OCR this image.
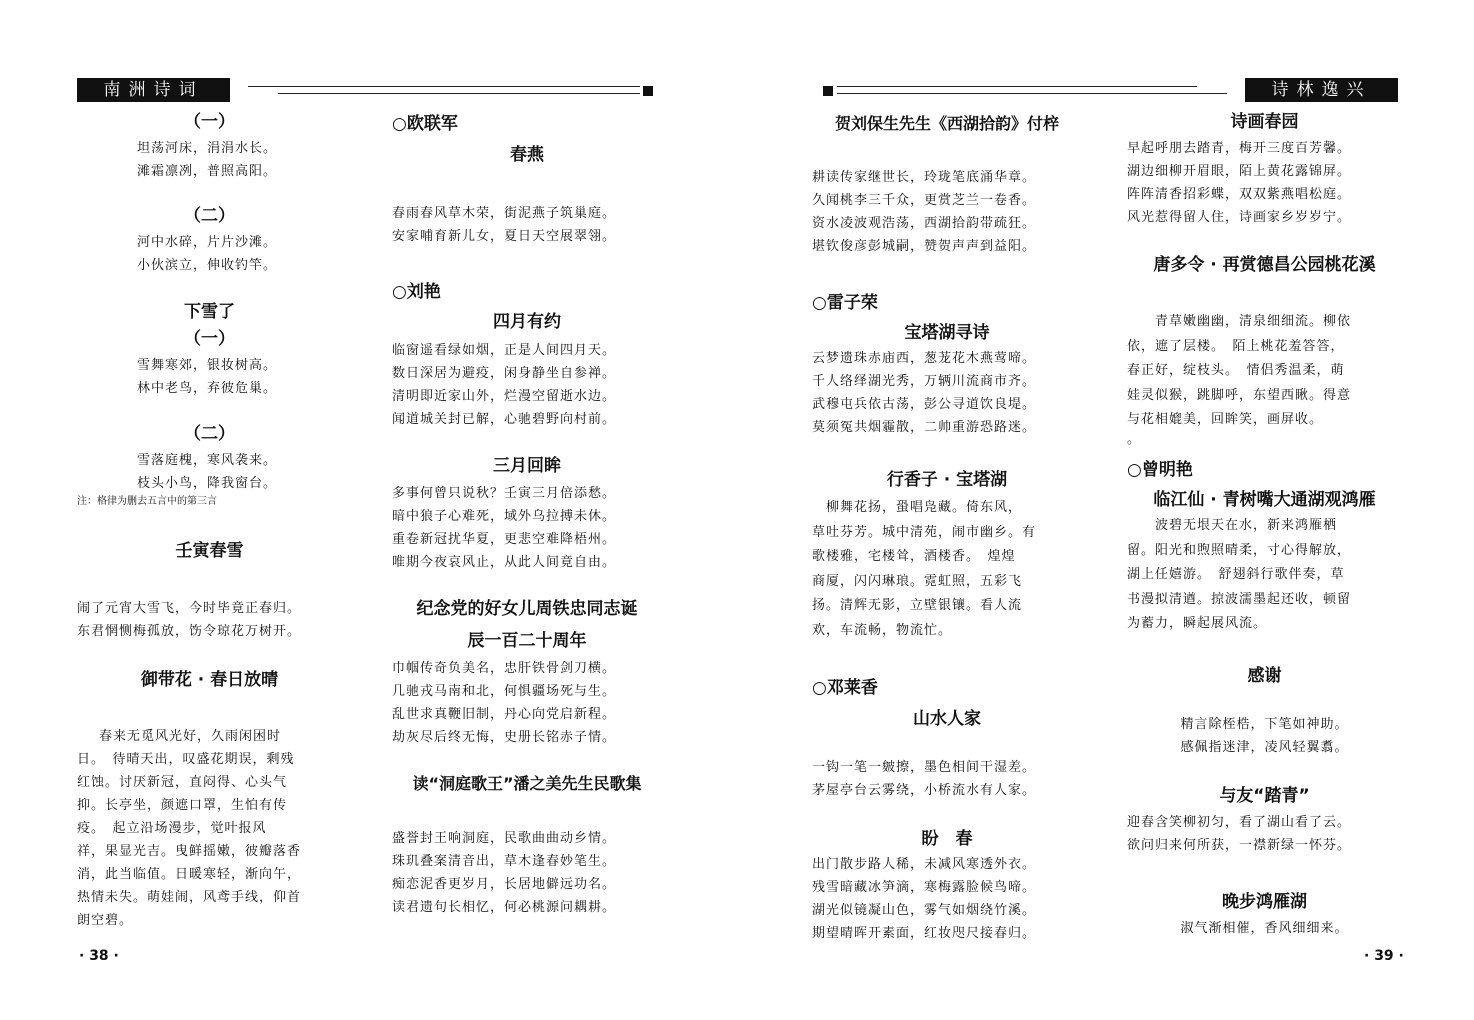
南洲诗词
（一）
坦荡河床，涓涓水长。
滩霜凛冽，普照高阳。
（二）
河中水碎，片片沙滩。
小伙滨立，伸收钓竿。
下雪了
（一）
雪舞寒郊，银妆树高。
林中老鸟，弃彼危巢。
（二）
雪落庭槐，寒风袭来。
枝头小鸟，降我窗台。
注：格律为删去五言中的第三言
壬寅春雪
闹了元宵大雪飞，今时毕竟正春归。
东君惘恻梅孤放，饬令琼花万树开。
御带花 · 春日放晴
春来无觅风光好，久雨闲困时
日。　待晴天出，叹盛花期误，剩残
红蚀。讨厌新冠，直闷得、心头气
抑。长亭坐，颜遮口罩，生怕有传
疫。　起立沿场漫步，觉叶报风
祥，果显光吉。曳鲜摇嫩，彼瓣落香
消，此当临值。日暖寒轻，渐向午，
热情未失。萌娃闹，风鸢手线，仰首
朗空碧。
○欧联军
春燕
春雨春风草木荣，街泥燕子筑巢庭。
安家哺育新儿女，夏日天空展翠翎。
○刘艳
四月有约
临窗遥看绿如烟，正是人间四月天。
数日深居为避疫，闲身静坐自参禅。
清明即近家山外，烂漫空留逝水边。
闻道城关封已解，心驰碧野向村前。
三月回眸
多事何曾只说秋？壬寅三月倍添愁。
暗中狼子心难死，域外乌拉搏未休。
重卷新冠扰华夏，更悲空难降梧州。
唯期今夜哀风止，从此人间竟自由。
纪念党的好女儿周铁忠同志诞
辰一百二十周年
巾帼传奇负美名，忠肝铁骨剑刀横。
几驰戎马南和北，何惧疆场死与生。
乱世求真鞭旧制，丹心向党启新程。
劫灰尽后终无悔，史册长铭赤子情。
读“洞庭歌王”潘之美先生民歌集
盛誉封王响洞庭，民歌曲曲动乡情。
珠玑叠案清音出，草木逢春妙笔生。
痴恋泥香更岁月，长居地僻远功名。
读君遗句长相忆，何必桃源问耦耕。
· 38 ·
诗林逸兴
贺刘保生先生《西湖拾韵》付梓
耕读传家继世长，玲珑笔底涌华章。
久闻桃李三千众，更赏芝兰一卷香。
资水凌波观浩荡，西湖拾韵带疏狂。
堪钦俊彦彭城嗣，赞贺声声到益阳。
○雷子荣
宝塔湖寻诗
云梦遗珠赤庙西，葱茏花木燕莺啼。
千人络绎湖光秀，万辆川流商市齐。
武穆屯兵依古荡，彭公寻道饮良堤。
莫须冤共烟霾散，二帅重游恐路迷。
行香子 · 宝塔湖
　柳舞花扬，蛩唱凫藏。倚东风，
草吐芬芳。城中清苑，闹市幽乡。有
歌楼雅，宅楼耸，酒楼香。　煌煌
商厦，闪闪琳琅。霓虹照，五彩飞
扬。清辉无影，立壁银镶。看人流
欢，车流畅，物流忙。
○邓莱香
山水人家
一钩一笔一皴擦，墨色相间干湿差。
茅屋亭台云雾绕，小桥流水有人家。
盼　春
出门散步路人稀，未减风寒透外衣。
残雪暗藏冰笋滴，寒梅露脸候鸟啼。
湖光似镜凝山色，雾气如烟绕竹溪。
期望晴晖开素面，红妆咫尺接春归。
诗画春园
早起呼朋去踏青，梅开三度百芳馨。
湖边细柳开眉眼，陌上黄花露锦屏。
阵阵清香招彩蝶，双双紫燕唱松庭。
风光惹得留人住，诗画家乡岁岁宁。
唐多令 · 再赏德昌公园桃花溪
　　青草嫩幽幽，清泉细细流。柳依
依，遮了层楼。　陌上桃花羞答答，
春正好，绽枝头。　情侣秀温柔，萌
娃灵似猴，跳脚呼，东望西瞅。得意
与花相媲美，回眸笑，画屏收。
。
○曾明艳
临江仙 · 青树嘴大通湖观鸿雁
　　波碧无垠天在水，新来鸿雁栖
留。阳光和煦照晴柔，寸心得解放，
湖上任嬉游。　舒翅斜行歌伴奏，草
书漫拟清遒。掠波濡墨起还收，顿留
为蓄力，瞬起展风流。
感谢
精言除桎梏，下笔如神助。
感佩指迷津，凌风轻翼翥。
与友“踏青”
迎春含笑柳初匀，看了湖山看了云。
欲问归来何所获，一襟新绿一怀芬。
晚步鸿雁湖
淑气渐相催，香风细细来。
· 39 ·
